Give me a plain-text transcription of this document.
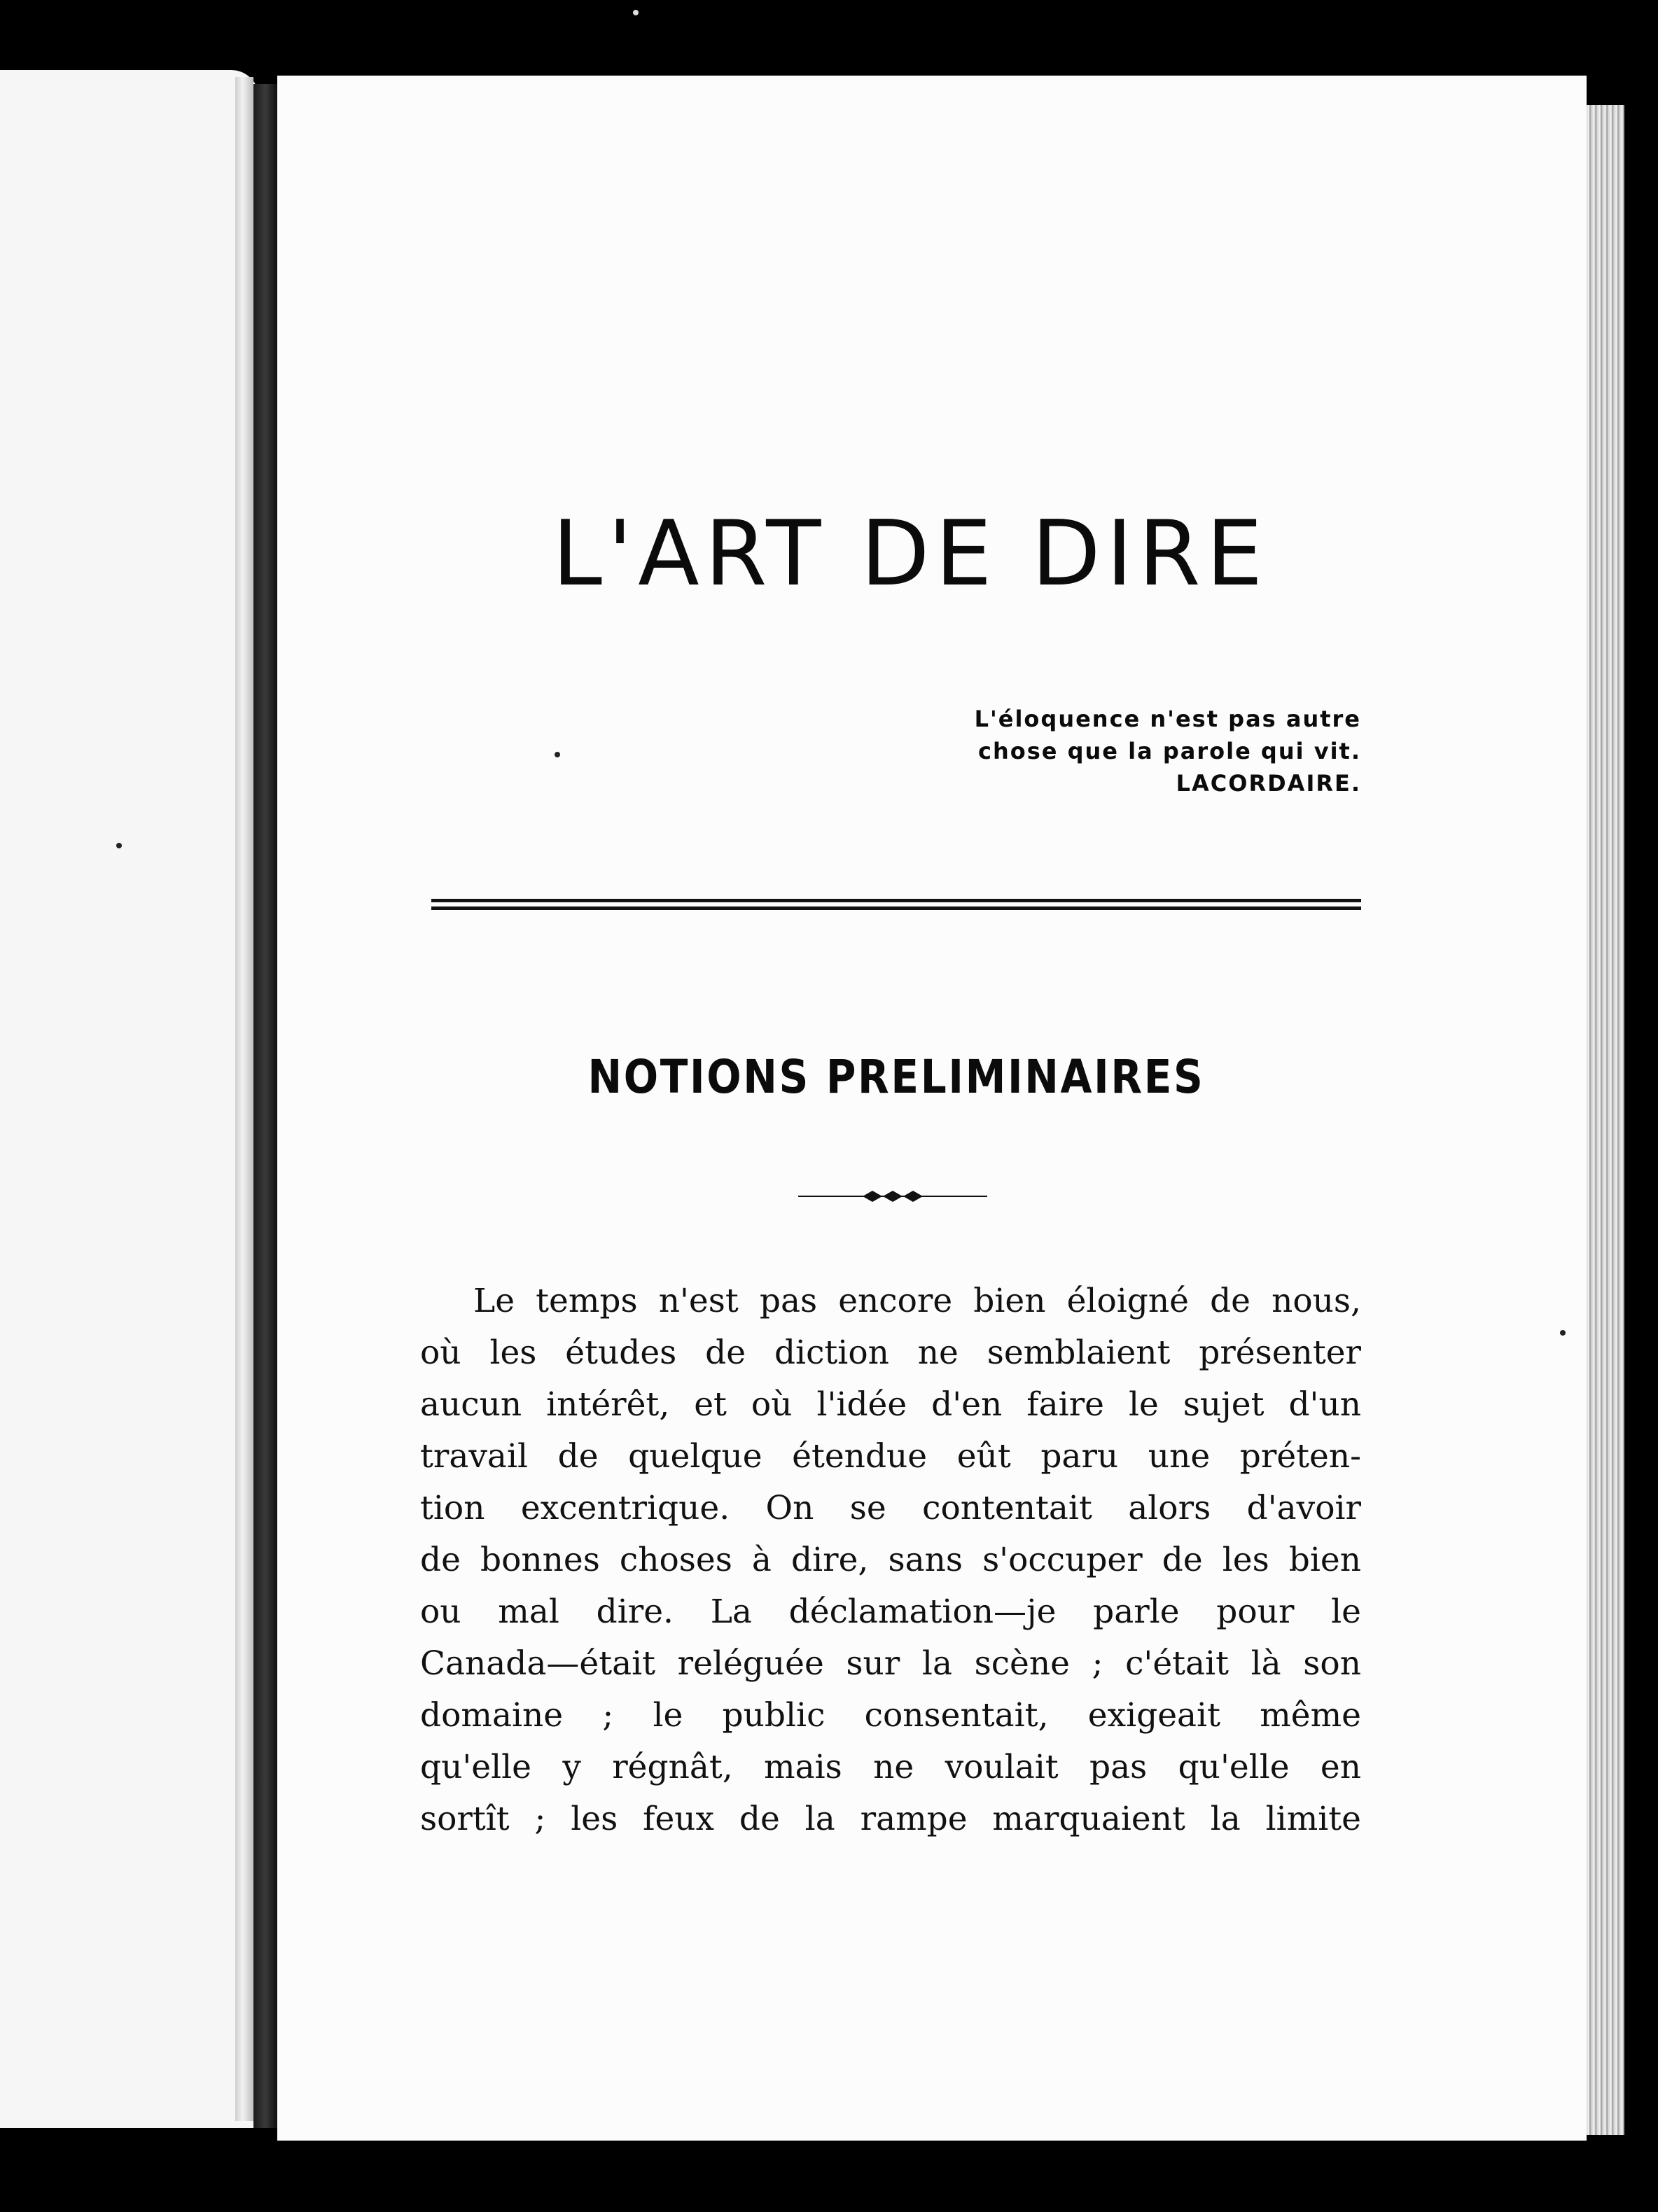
L'ART DE DIRE
L'éloquence n'est pas autre
chose que la parole qui vit.
LACORDAIRE.
NOTIONS PRELIMINAIRES
Le temps n'est pas encore bien éloigné de nous,
où les études de diction ne semblaient présenter
aucun intérêt, et où l'idée d'en faire le sujet d'un
travail de quelque étendue eût paru une préten-
tion excentrique. On se contentait alors d'avoir
de bonnes choses à dire, sans s'occuper de les bien
ou mal dire. La déclamation—je parle pour le
Canada—était reléguée sur la scène ; c'était là son
domaine ; le public consentait, exigeait même
qu'elle y régnât, mais ne voulait pas qu'elle en
sortît ; les feux de la rampe marquaient la limite
